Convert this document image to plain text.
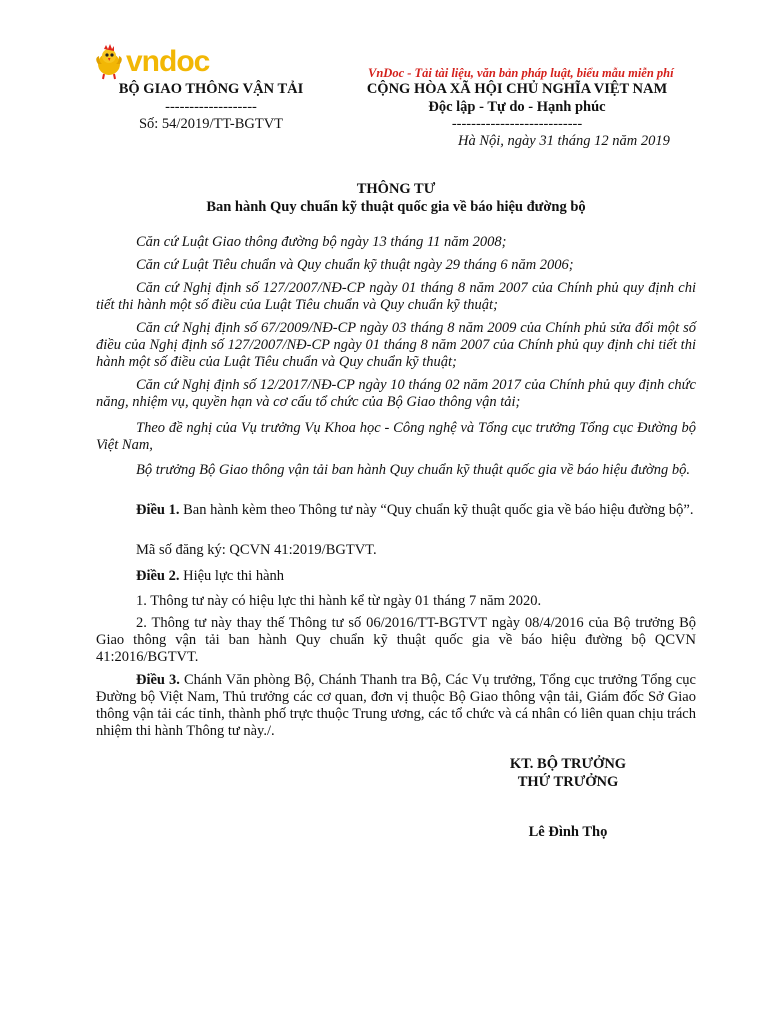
vndoc	VnDoc - Tải tài liệu, văn bản pháp luật, biểu mẫu miễn phí
BỘ GIAO THÔNG VẬN TẢI
-------------------
Số: 54/2019/TT-BGTVT
CỘNG HÒA XÃ HỘI CHỦ NGHĨA VIỆT NAM
Độc lập - Tự do - Hạnh phúc
---------------------------
Hà Nội, ngày 31 tháng 12 năm 2019
THÔNG TƯ
Ban hành Quy chuẩn kỹ thuật quốc gia về báo hiệu đường bộ
Căn cứ Luật Giao thông đường bộ ngày 13 tháng 11 năm 2008;
Căn cứ Luật Tiêu chuẩn và Quy chuẩn kỹ thuật ngày 29 tháng 6 năm 2006;
Căn cứ Nghị định số 127/2007/NĐ-CP ngày 01 tháng 8 năm 2007 của Chính phủ quy định chi tiết thi hành một số điều của Luật Tiêu chuẩn và Quy chuẩn kỹ thuật;
Căn cứ Nghị định số 67/2009/NĐ-CP ngày 03 tháng 8 năm 2009 của Chính phủ sửa đổi một số điều của Nghị định số 127/2007/NĐ-CP ngày 01 tháng 8 năm 2007 của Chính phủ quy định chi tiết thi hành một số điều của Luật Tiêu chuẩn và Quy chuẩn kỹ thuật;
Căn cứ Nghị định số 12/2017/NĐ-CP ngày 10 tháng 02 năm 2017 của Chính phủ quy định chức năng, nhiệm vụ, quyền hạn và cơ cấu tổ chức của Bộ Giao thông vận tải;
Theo đề nghị của Vụ trưởng Vụ Khoa học - Công nghệ và Tổng cục trưởng Tổng cục Đường bộ Việt Nam,
Bộ trưởng Bộ Giao thông vận tải ban hành Quy chuẩn kỹ thuật quốc gia về báo hiệu đường bộ.
Điều 1. Ban hành kèm theo Thông tư này “Quy chuẩn kỹ thuật quốc gia về báo hiệu đường bộ”.
Mã số đăng ký: QCVN 41:2019/BGTVT.
Điều 2. Hiệu lực thi hành
1. Thông tư này có hiệu lực thi hành kể từ ngày 01 tháng 7 năm 2020.
2. Thông tư này thay thế Thông tư số 06/2016/TT-BGTVT ngày 08/4/2016 của Bộ trưởng Bộ Giao thông vận tải ban hành Quy chuẩn kỹ thuật quốc gia về báo hiệu đường bộ QCVN 41:2016/BGTVT.
Điều 3. Chánh Văn phòng Bộ, Chánh Thanh tra Bộ, Các Vụ trưởng, Tổng cục trưởng Tổng cục Đường bộ Việt Nam, Thủ trưởng các cơ quan, đơn vị thuộc Bộ Giao thông vận tải, Giám đốc Sở Giao thông vận tải các tỉnh, thành phố trực thuộc Trung ương, các tổ chức và cá nhân có liên quan chịu trách nhiệm thi hành Thông tư này./.
KT. BỘ TRƯỞNG
THỨ TRƯỞNG
Lê Đình Thọ
